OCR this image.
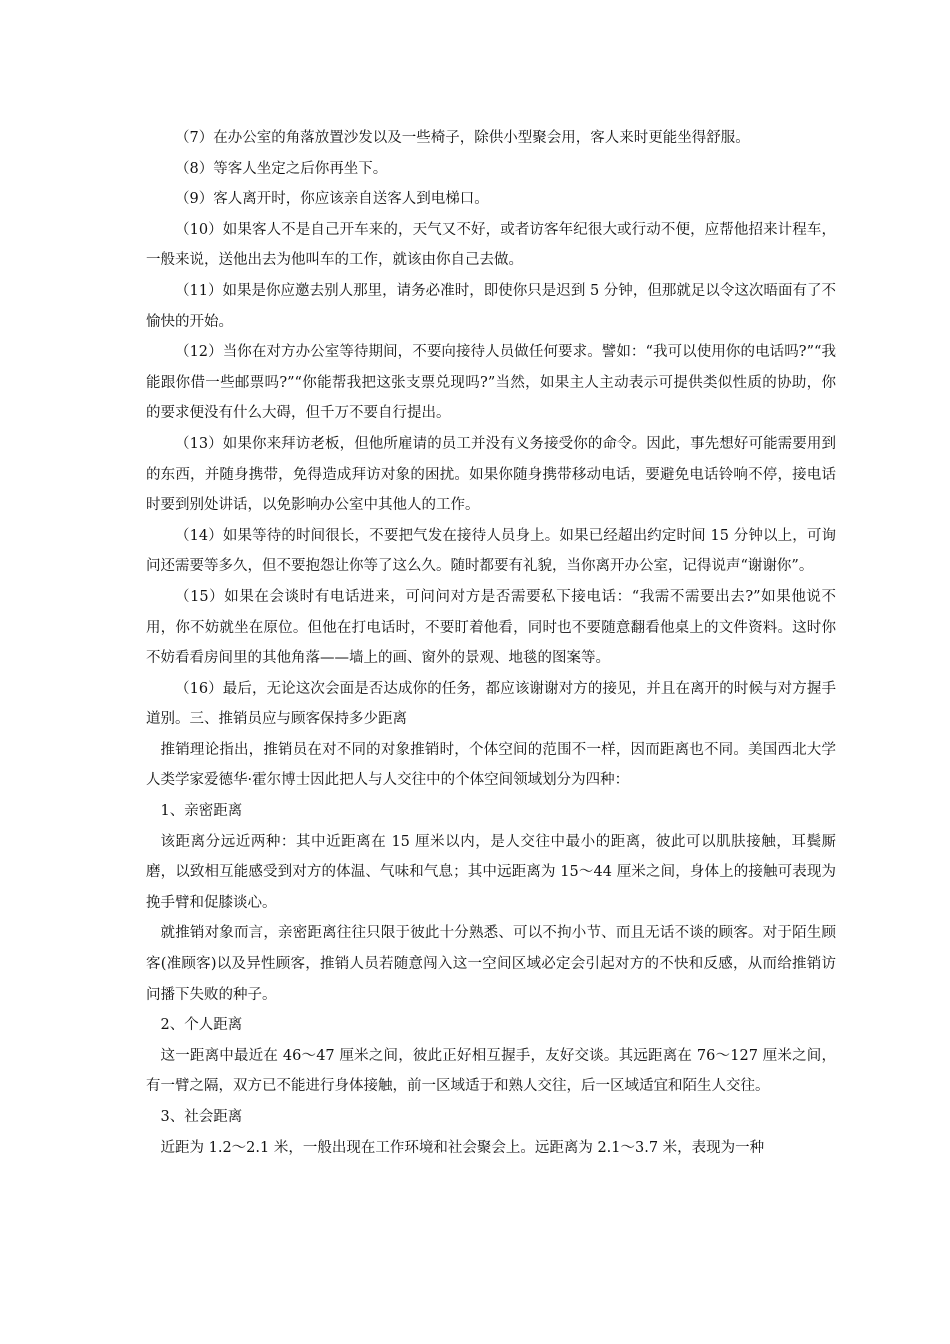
（7）在办公室的角落放置沙发以及一些椅子，除供小型聚会用，客人来时更能坐得舒服。

（8）等客人坐定之后你再坐下。

（9）客人离开时，你应该亲自送客人到电梯口。

（10）如果客人不是自己开车来的，天气又不好，或者访客年纪很大或行动不便，应帮他招来计程车，一般来说，送他出去为他叫车的工作，就该由你自己去做。

（11）如果是你应邀去别人那里，请务必准时，即使你只是迟到 5 分钟，但那就足以令这次晤面有了不愉快的开始。

（12）当你在对方办公室等待期间，不要向接待人员做任何要求。譬如：“我可以使用你的电话吗?”“我能跟你借一些邮票吗?”“你能帮我把这张支票兑现吗?”当然，如果主人主动表示可提供类似性质的协助，你的要求便没有什么大碍，但千万不要自行提出。

（13）如果你来拜访老板，但他所雇请的员工并没有义务接受你的命令。因此，事先想好可能需要用到的东西，并随身携带，免得造成拜访对象的困扰。如果你随身携带移动电话，要避免电话铃响不停，接电话时要到别处讲话，以免影响办公室中其他人的工作。

（14）如果等待的时间很长，不要把气发在接待人员身上。如果已经超出约定时间 15 分钟以上，可询问还需要等多久，但不要抱怨让你等了这么久。随时都要有礼貌，当你离开办公室，记得说声“谢谢你”。

（15）如果在会谈时有电话进来，可问问对方是否需要私下接电话：“我需不需要出去?”如果他说不用，你不妨就坐在原位。但他在打电话时，不要盯着他看，同时也不要随意翻看他桌上的文件资料。这时你不妨看看房间里的其他角落——墙上的画、窗外的景观、地毯的图案等。

（16）最后，无论这次会面是否达成你的任务，都应该谢谢对方的接见，并且在离开的时候与对方握手道别。三、推销员应与顾客保持多少距离

推销理论指出，推销员在对不同的对象推销时，个体空间的范围不一样，因而距离也不同。美国西北大学人类学家爱德华·霍尔博士因此把人与人交往中的个体空间领域划分为四种：

1、亲密距离

该距离分远近两种：其中近距离在 15 厘米以内，是人交往中最小的距离，彼此可以肌肤接触，耳鬓厮磨，以致相互能感受到对方的体温、气味和气息；其中远距离为 15～44 厘米之间，身体上的接触可表现为挽手臂和促膝谈心。

就推销对象而言，亲密距离往往只限于彼此十分熟悉、可以不拘小节、而且无话不谈的顾客。对于陌生顾客(准顾客)以及异性顾客，推销人员若随意闯入这一空间区域必定会引起对方的不快和反感，从而给推销访问播下失败的种子。

2、个人距离

这一距离中最近在 46～47 厘米之间，彼此正好相互握手，友好交谈。其远距离在 76～127 厘米之间，有一臂之隔，双方已不能进行身体接触，前一区域适于和熟人交往，后一区域适宜和陌生人交往。

3、社会距离

近距为 1.2～2.1 米，一般出现在工作环境和社会聚会上。远距离为 2.1～3.7 米，表现为一种
